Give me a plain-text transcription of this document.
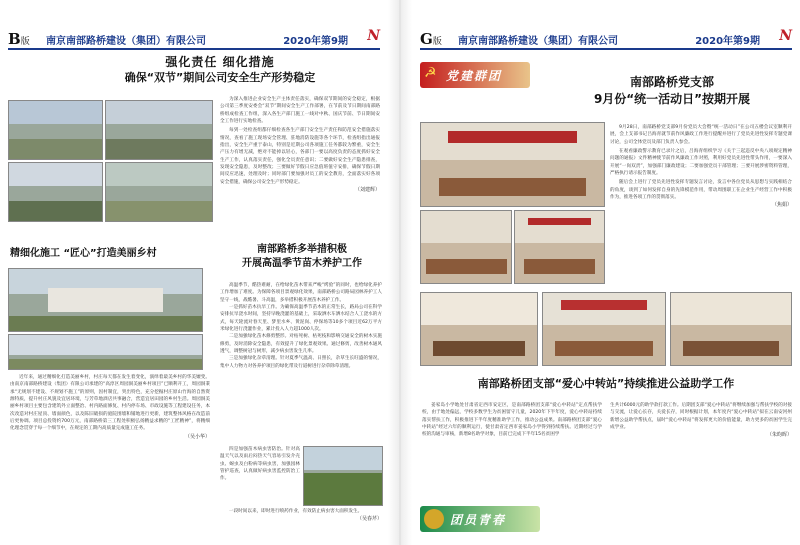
B版 南京南部路桥建设（集团）有限公司	2020年第9期 N
强化责任 细化措施
确保“双节”期间公司安全生产形势稳定

为深入推进企业安全生产主体责任落实，确保双节期间的安全稳定，根据公司第三季度安委会“双节”期间安全生产工作部署，在节前及节日期间南部路桥组成检查工作组，深入各生产部门施工一线对中秋、国庆节前、节日期间安全工作进行实地检查。

每到一处检查组都仔细检查各生产部门安全生产责任和防范安全措施落实情况，查看了施工现场安全管理、驻地消防设施等各个环节，检查组指出通报指出，安全生产重于泰山，特别是近期公司各项施工任务都较为繁重，安全生产压力有增无减，绝对不能掉以轻心，各部门一要以高度负责的态度抓好安全生产工作，认真落实责任，强化全员责任意识；二要做好安全生产隐患排查，发现安全隐患，及时整改；三要做好节假日应急值班值守安排，确保节假日期间反应迅速，处理及时；同时部门要加强对员工的安全教育，全面落实好各项安全措施，确保公司安全生产形势稳定。

（刘建辉）
精细化施工 “匠心”打造美丽乡村

近年来，通过精细化打造美丽乡村，村庄每天都在发生着变化，演绎着最美乡村的华美嬗变。由南京南部路桥建设（集团）有限公司承建的“高淳区周园洞美丽乡村项目”已顺利开工，周园洞秉承“无规划不建设、不规划不施工”的原则，因村制宜，突出特色，充分挖掘村庄原山竹海的自然资源特质，提升村庄风貌及宜居环境，与芳草地酒店共事融合，营造宜居田园的乡村生活。周园洞美丽乡村项目主要包含建筑外立面整治、村内路面修复、村内停车场、市政设施等工程建设任务，本次改造对村庄屋顶、墙面颜色，以及陈旧破损的庭院围墙和铺地进行更新，建筑整体风格在改造前后更协调。项目总投资约700万元，南部路桥第三工程处积极弘扬精益求精的“工匠精神”，将精细化理念贯穿于每一个细节中，在规定的工期内高质量完成施工任务。

（吴小华）
南部路桥多举措积极
开展高温季节苗木养护工作

高温季节，酷热难耐，在给绿化苗木带来严峻“烤验”的同时，也给绿化养护工作增加了难度。为保障各项目景观绿化效果，南部路桥公司路局园林养护工人坚守一线，战酷暑、斗高温，多举措积极开展苗木养护工作。

一是抓好苗木抗旱工作。为确保高温季节苗木的正常生长，路局公司在科学安排抗旱浇水时间，坚持早晚浇灌的基础上，采取洒水车洒水结合人工浇水的方式，每天轮流对春天里、梦里水乡、黄泥岗、停保场等10多个项目近62万平方米绿化进行浇灌作业，累计投入人力超1000人次。

二是加强绿化苗木修剪整形。对枯死树、枯死枝和影响交通安全的树木实施修剪，及时消除安全隐患，有效提升了绿化景观效果。通过修剪，改善树木通风透气，调整树冠与树形，减少病虫害发生几率。

三是加强绿化杂草清理。针对夏季气温高、日照长，杂草生长旺盛的情况，集中人力物力对各养护项目的绿化带及行道树进行杂草除草清理。

四是加强苗木病虫害防治。针对高温天气以及雨后闷热天气容易引发介壳虫、蚜虫及白粉病等病虫害，加强园林管护巡查，认真做好病虫害监控防治工作。

一段时间以来，即时进行喷药作业，有效防止病虫害大面积发生。

（吴春芹）
G版 南京南部路桥建设（集团）有限公司	2020年第9期 N
☭ 党建群团	南部路桥党支部
9月份“统一活动日”按期开展

9月28日，南部路桥党支部9月份党员大会暨“统一活动日”在公司五楼会议室顺利开展，会上支部书记吕海青就节前作风廉政工作进行提醒并进行了党员先进性发挥专题党课讨论，公司全体党员及部门负责人参会。

在观看廉政警示教育已录片之后，吕海青组织学习《关于三起违反中央八项规定精神问题的通报》文件精神使节前作风廉政工作对照，利用好党员先进性带头作用，一要深入开展“一岗双责”，加强部门廉政建设；二要加强党员干部管理；三要开展涉密资料管理，严格执行请示报告制度。

随后会上进行了党员先进性发挥专题发言讨论，发言中各位党员从思想与实践相结合的角度，谈到了如何发挥自身的先锋模范作用，带动周围职工在企业生产经营工作中积极作为，推进各项工作的贯彻落实。

（焦娟）
南部路桥团支部“爱心中转站”持续推进公益助学工作

姜家岛小学地处甘肃省定西市安定区，是南部路桥团支部“爱心中转站”定点帮扶学校，由于地处偏远，学校多数学生为贫困留守儿童，2020年下半年度，爱心中转站持续落实帮扶工作，积极推进下半年度精准助学工作，推动公益成果。南部路桥团支部“爱心中转站”经过六年的顺利运行，使甘肃省定西市姜家岛小学得到持续帮扶。近期经过与学校的沟通与审核，新增8名助学对象，目前已完成下半年15名贫困学

生共计6000元的助学款打款工作。后期团支部“爱心中转站”将继续加强与帮扶学校的对接与交流，让爱心长存，关爱长存，同时根据计划，本年度内“爱心中转站”拟在云南安河州新增公益助学帮扶点，届时“爱心中转站”将发挥更大的价值能量，助力更多的贫困学生完成学业。

（朱昀晖）
团员青春
